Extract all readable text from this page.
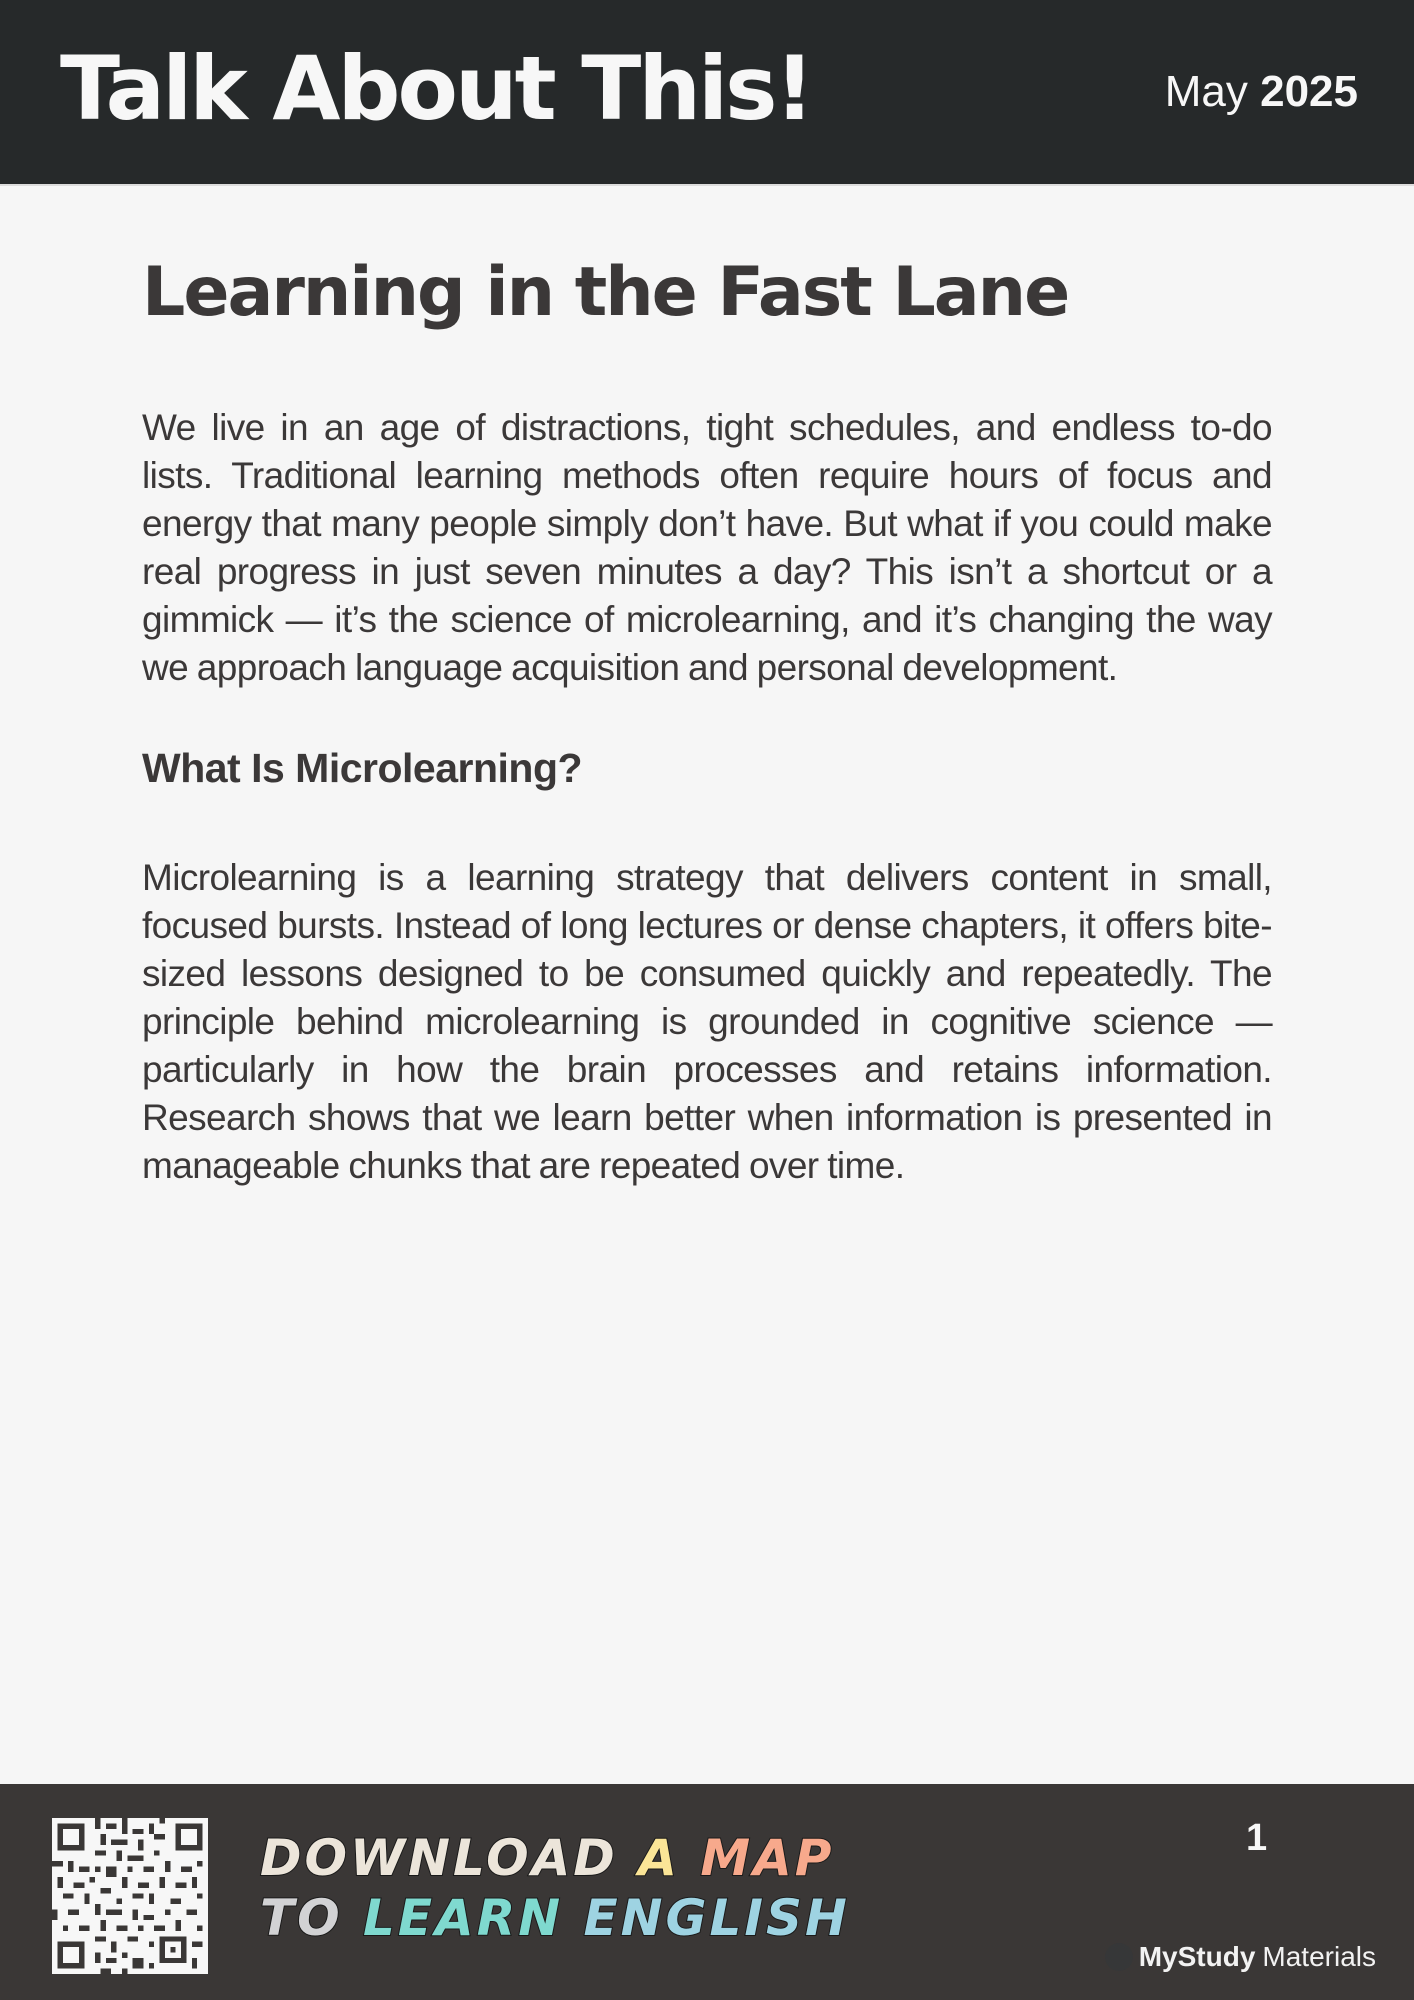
Talk About This!	May 2025
Learning in the Fast Lane

We live in an age of distractions, tight schedules, and endless to-do lists. Traditional learning methods often require hours of focus and energy that many people simply don’t have. But what if you could make real progress in just seven minutes a day? This isn’t a shortcut or a gimmick — it’s the science of microlearning, and it’s changing the way we approach language acquisition and personal development.

What Is Microlearning?

Microlearning is a learning strategy that delivers content in small, focused bursts. Instead of long lectures or dense chapters, it offers bite-sized lessons designed to be consumed quickly and repeatedly. The principle behind microlearning is grounded in cognitive science — particularly in how the brain processes and retains information. Research shows that we learn better when information is presented in manageable chunks that are repeated over time.

DOWNLOAD A MAP
TO LEARN ENGLISH
1
MyStudy Materials
